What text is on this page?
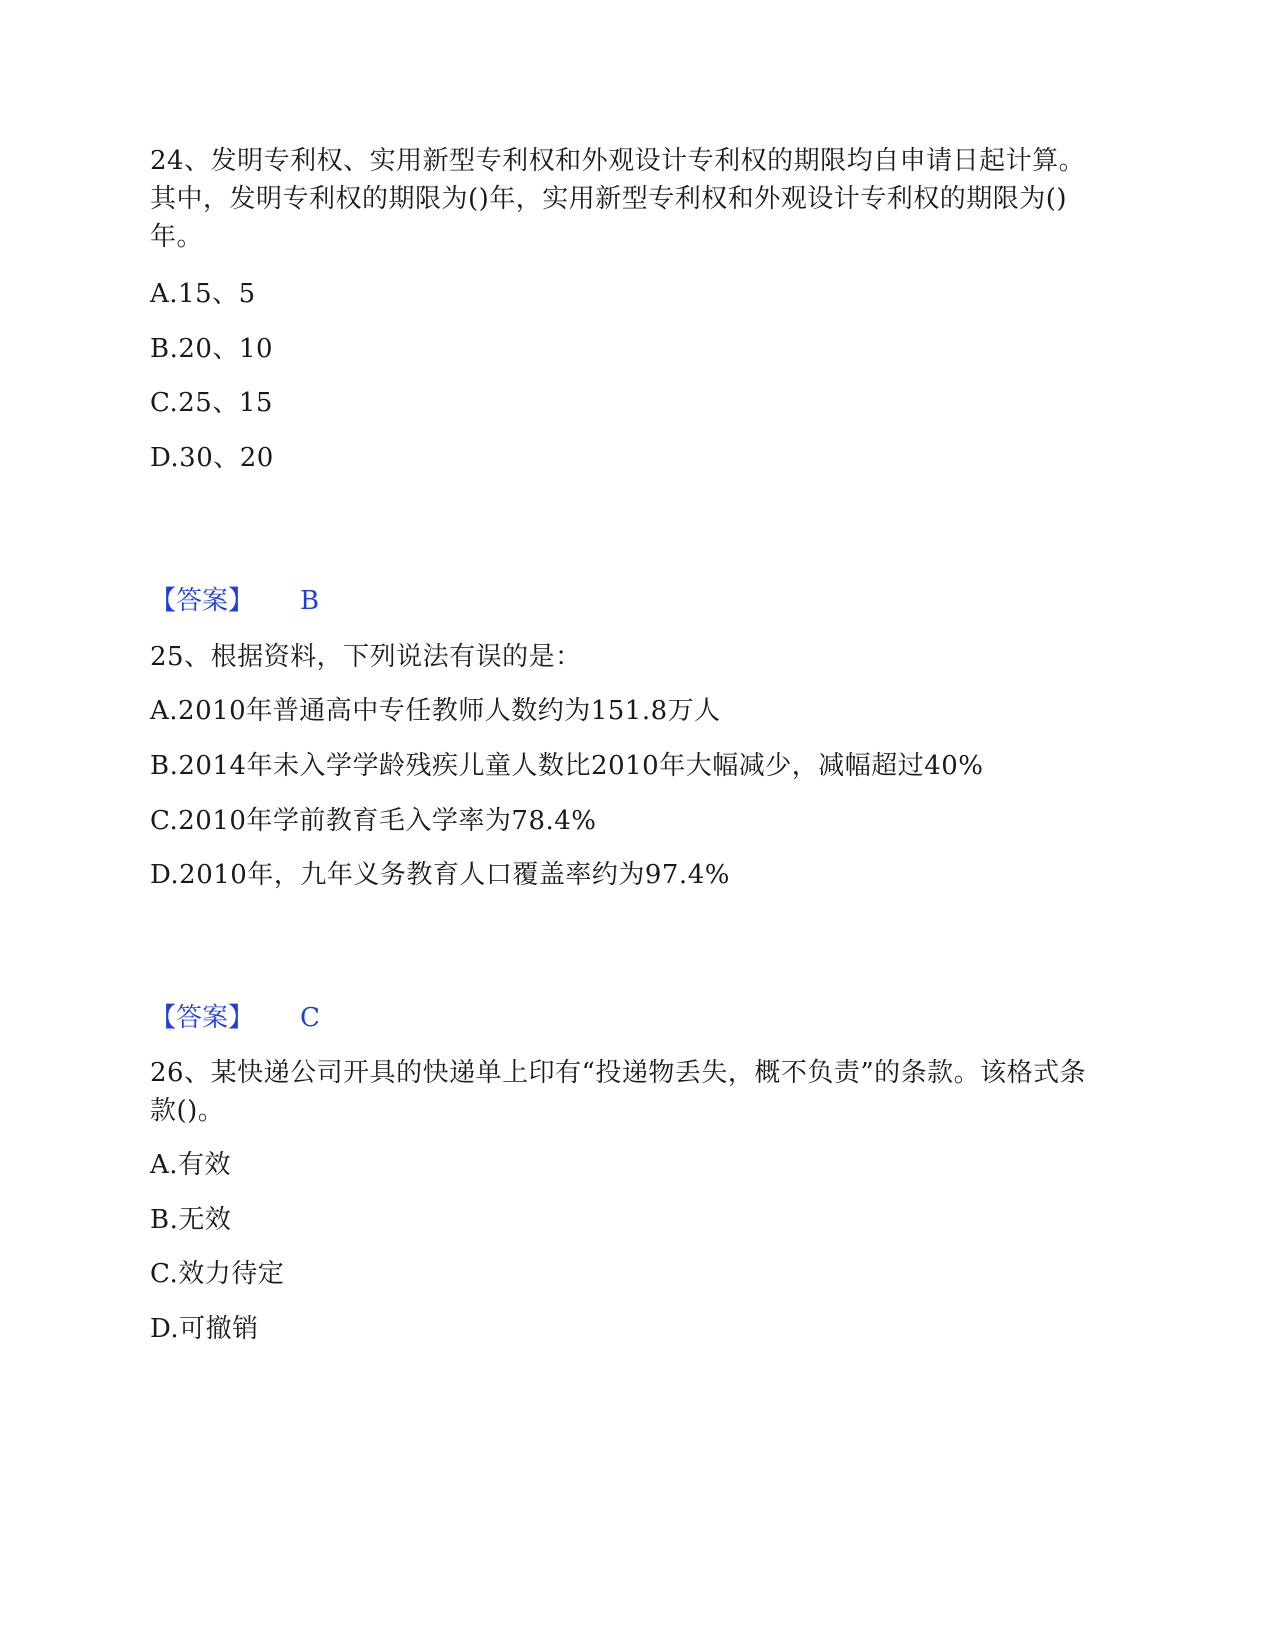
24、发明专利权、实用新型专利权和外观设计专利权的期限均自申请日起计算。其中，发明专利权的期限为()年，实用新型专利权和外观设计专利权的期限为()年。
A.15、5
B.20、10
C.25、15
D.30、20
【答案】 B
25、根据资料，下列说法有误的是：
A.2010年普通高中专任教师人数约为151.8万人
B.2014年未入学学龄残疾儿童人数比2010年大幅减少，减幅超过40%
C.2010年学前教育毛入学率为78.4%
D.2010年，九年义务教育人口覆盖率约为97.4%
【答案】 C
26、某快递公司开具的快递单上印有“投递物丢失，概不负责”的条款。该格式条款()。
A.有效
B.无效
C.效力待定
D.可撤销
